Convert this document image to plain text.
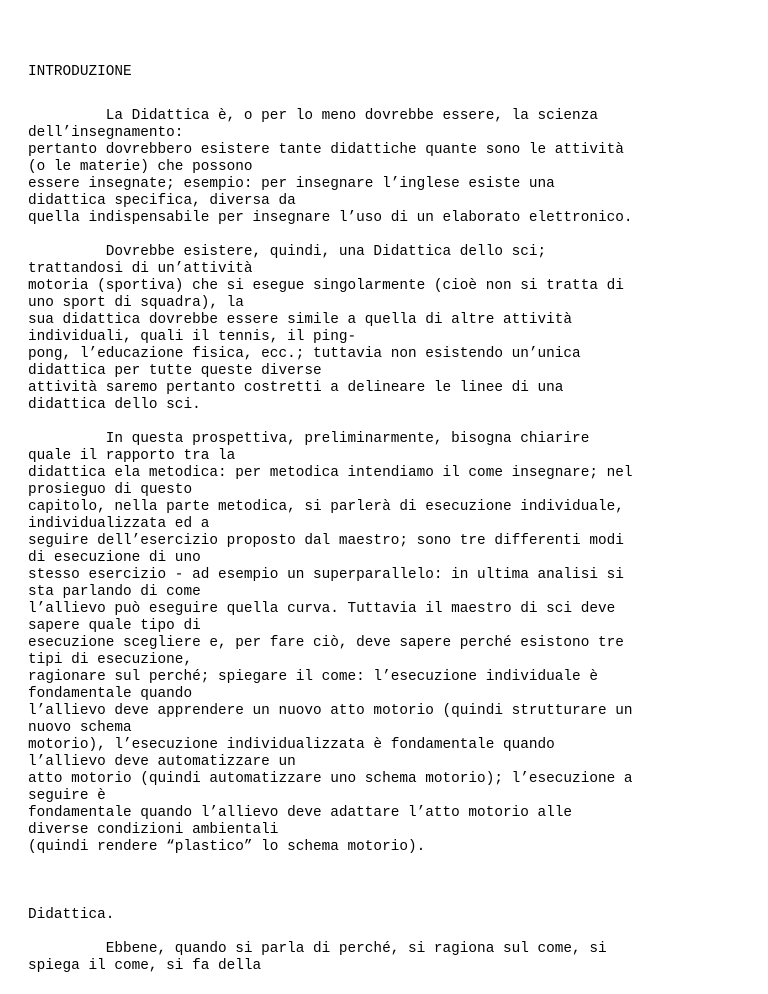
INTRODUZIONE
La Didattica è, o per lo meno dovrebbe essere, la scienza
dell’insegnamento:
pertanto dovrebbero esistere tante didattiche quante sono le attività
(o le materie) che possono
essere insegnate; esempio: per insegnare l’inglese esiste una
didattica specifica, diversa da
quella indispensabile per insegnare l’uso di un elaborato elettronico.
Dovrebbe esistere, quindi, una Didattica dello sci;
trattandosi di un’attività
motoria (sportiva) che si esegue singolarmente (cioè non si tratta di
uno sport di squadra), la
sua didattica dovrebbe essere simile a quella di altre attività
individuali, quali il tennis, il ping-
pong, l’educazione fisica, ecc.; tuttavia non esistendo un’unica
didattica per tutte queste diverse
attività saremo pertanto costretti a delineare le linee di una
didattica dello sci.
In questa prospettiva, preliminarmente, bisogna chiarire
quale il rapporto tra la
didattica ela metodica: per metodica intendiamo il come insegnare; nel
prosieguo di questo
capitolo, nella parte metodica, si parlerà di esecuzione individuale,
individualizzata ed a
seguire dell’esercizio proposto dal maestro; sono tre differenti modi
di esecuzione di uno
stesso esercizio - ad esempio un superparallelo: in ultima analisi si
sta parlando di come
l’allievo può eseguire quella curva. Tuttavia il maestro di sci deve
sapere quale tipo di
esecuzione scegliere e, per fare ciò, deve sapere perché esistono tre
tipi di esecuzione,
ragionare sul perché; spiegare il come: l’esecuzione individuale è
fondamentale quando
l’allievo deve apprendere un nuovo atto motorio (quindi strutturare un
nuovo schema
motorio), l’esecuzione individualizzata è fondamentale quando
l’allievo deve automatizzare un
atto motorio (quindi automatizzare uno schema motorio); l’esecuzione a
seguire è
fondamentale quando l’allievo deve adattare l’atto motorio alle
diverse condizioni ambientali
(quindi rendere “plastico” lo schema motorio).
Didattica.
Ebbene, quando si parla di perché, si ragiona sul come, si
spiega il come, si fa della
